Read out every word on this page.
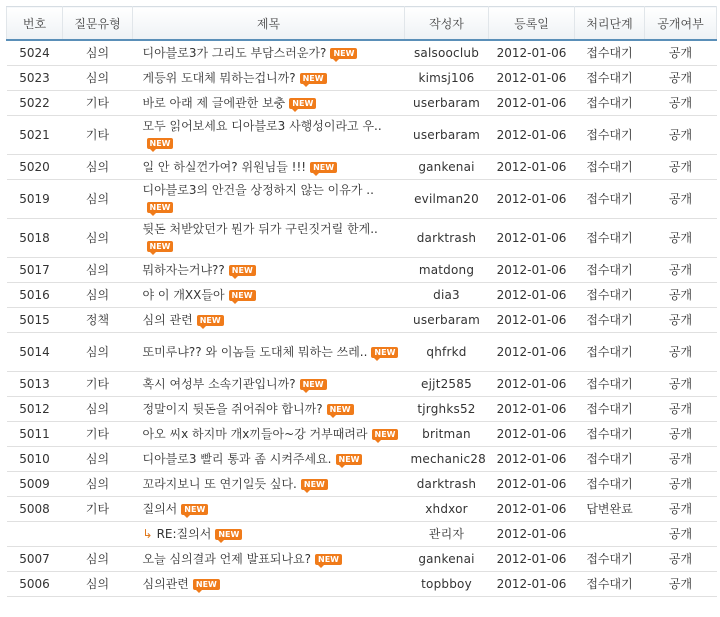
번호	질문유형	제목	작성자	등록일	처리단계	공개여부
5024	심의	디아블로3가 그리도 부담스러운가? NEW	salsooclub	2012-01-06	접수대기	공개
5023	심의	게등위 도대체 뭐하는겁니까? NEW	kimsj106	2012-01-06	접수대기	공개
5022	기타	바로 아래 제 글에관한 보충 NEW	userbaram	2012-01-06	접수대기	공개
5021	기타	모두 읽어보세요 디아블로3 사행성이라고 우..NEW	userbaram	2012-01-06	접수대기	공개
5020	심의	일 안 하실껀가여? 위원님들 !!! NEW	gankenai	2012-01-06	접수대기	공개
5019	심의	디아블로3의 안건을 상정하지 않는 이유가 ..NEW	evilman20	2012-01-06	접수대기	공개
5018	심의	뒷돈 처받았던가 뭔가 뒤가 구린짓거릴 한게..NEW	darktrash	2012-01-06	접수대기	공개
5017	심의	뭐하자는거냐?? NEW	matdong	2012-01-06	접수대기	공개
5016	심의	야 이 개XX들아 NEW	dia3	2012-01-06	접수대기	공개
5015	정책	심의 관련 NEW	userbaram	2012-01-06	접수대기	공개
5014	심의	또미루냐?? 와 이놈들 도대체 뭐하는 쓰레.. NEW	qhfrkd	2012-01-06	접수대기	공개
5013	기타	혹시 여성부 소속기관입니까? NEW	ejjt2585	2012-01-06	접수대기	공개
5012	심의	정말이지 뒷돈을 쥐어줘야 합니까? NEW	tjrghks52	2012-01-06	접수대기	공개
5011	기타	아오 씨x 하지마 개x끼들아~강 거부때려라 NEW	britman	2012-01-06	접수대기	공개
5010	심의	디아블로3 빨리 통과 좀 시켜주세요. NEW	mechanic28	2012-01-06	접수대기	공개
5009	심의	꼬라지보니 또 연기일듯 싶다. NEW	darktrash	2012-01-06	접수대기	공개
5008	기타	질의서 NEW	xhdxor	2012-01-06	답변완료	공개
		↳ RE:질의서 NEW	관리자	2012-01-06		공개
5007	심의	오늘 심의결과 언제 발표되나요? NEW	gankenai	2012-01-06	접수대기	공개
5006	심의	심의관련 NEW	topbboy	2012-01-06	접수대기	공개
